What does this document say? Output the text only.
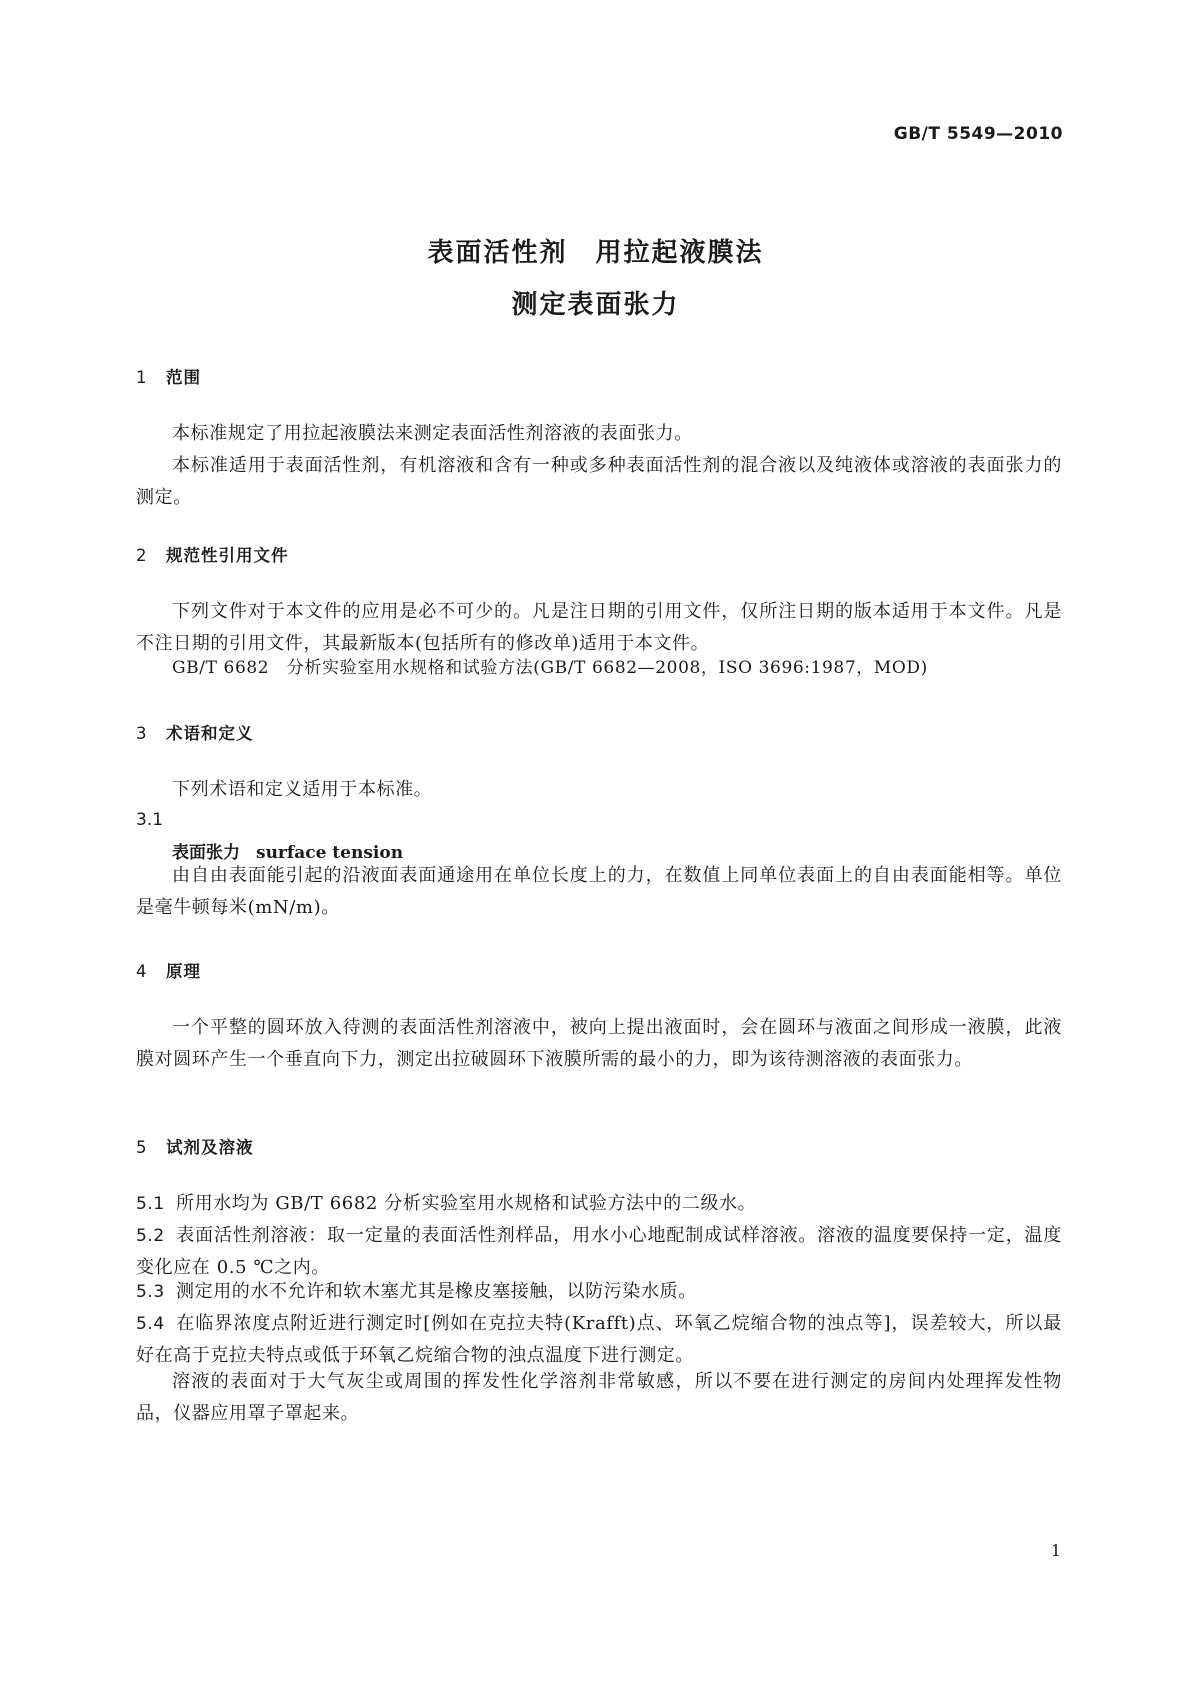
GB/T 5549—2010
表面活性剂　用拉起液膜法
测定表面张力
1 范围
本标准规定了用拉起液膜法来测定表面活性剂溶液的表面张力。
本标准适用于表面活性剂，有机溶液和含有一种或多种表面活性剂的混合液以及纯液体或溶液的表面张力的测定。
2 规范性引用文件
下列文件对于本文件的应用是必不可少的。凡是注日期的引用文件，仅所注日期的版本适用于本文件。凡是不注日期的引用文件，其最新版本(包括所有的修改单)适用于本文件。
GB/T 6682　分析实验室用水规格和试验方法(GB/T 6682—2008，ISO 3696:1987，MOD)
3 术语和定义
下列术语和定义适用于本标准。
3.1
表面张力 surface tension
由自由表面能引起的沿液面表面通途用在单位长度上的力，在数值上同单位表面上的自由表面能相等。单位是毫牛顿每米(mN/m)。
4 原理
一个平整的圆环放入待测的表面活性剂溶液中，被向上提出液面时，会在圆环与液面之间形成一液膜，此液膜对圆环产生一个垂直向下力，测定出拉破圆环下液膜所需的最小的力，即为该待测溶液的表面张力。
5 试剂及溶液
5.1 所用水均为 GB/T 6682 分析实验室用水规格和试验方法中的二级水。
5.2 表面活性剂溶液：取一定量的表面活性剂样品，用水小心地配制成试样溶液。溶液的温度要保持一定，温度变化应在 0.5 ℃之内。
5.3 测定用的水不允许和软木塞尤其是橡皮塞接触，以防污染水质。
5.4 在临界浓度点附近进行测定时[例如在克拉夫特(Krafft)点、环氧乙烷缩合物的浊点等]，误差较大，所以最好在高于克拉夫特点或低于环氧乙烷缩合物的浊点温度下进行测定。
溶液的表面对于大气灰尘或周围的挥发性化学溶剂非常敏感，所以不要在进行测定的房间内处理挥发性物品，仪器应用罩子罩起来。
1
